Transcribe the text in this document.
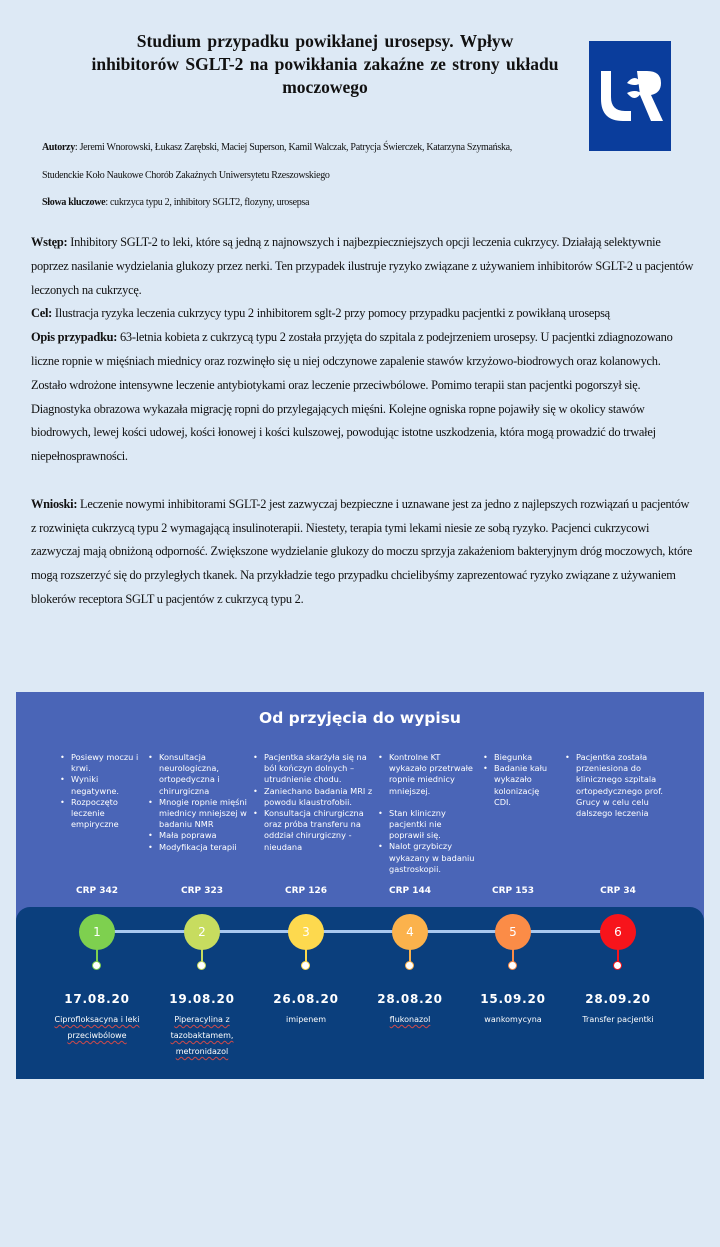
Studium przypadku powikłanej urosepsy. Wpływ inhibitorów SGLT-2 na powikłania zakaźne ze strony układu moczowego
Autorzy: Jeremi Wnorowski, Łukasz Zarębski, Maciej Superson, Kamil Walczak, Patrycja Świerczek, Katarzyna Szymańska,
Studenckie Koło Naukowe Chorób Zakaźnych Uniwersytetu Rzeszowskiego
Słowa kluczowe: cukrzyca typu 2, inhibitory SGLT2, flozyny, urosepsa

Wstęp: Inhibitory SGLT-2 to leki, które są jedną z najnowszych i najbezpieczniejszych opcji leczenia cukrzycy. Działają selektywnie poprzez nasilanie wydzielania glukozy przez nerki. Ten przypadek ilustruje ryzyko związane z używaniem inhibitorów SGLT-2 u pacjentów leczonych na cukrzycę.

Cel: Ilustracja ryzyka leczenia cukrzycy typu 2 inhibitorem sglt-2 przy pomocy przypadku pacjentki z powikłaną urosepsą

Opis przypadku: 63-letnia kobieta z cukrzycą typu 2 została przyjęta do szpitala z podejrzeniem urosepsy. U pacjentki zdiagnozowano liczne ropnie w mięśniach miednicy oraz rozwinęło się u niej odczynowe zapalenie stawów krzyżowo-biodrowych oraz kolanowych. Zostało wdrożone intensywne leczenie antybiotykami oraz leczenie przeciwbólowe. Pomimo terapii stan pacjentki pogorszył się. Diagnostyka obrazowa wykazała migrację ropni do przylegających mięśni. Kolejne ogniska ropne pojawiły się w okolicy stawów biodrowych, lewej kości udowej, kości łonowej i kości kulszowej, powodując istotne uszkodzenia, która mogą prowadzić do trwałej niepełnosprawności.

Wnioski: Leczenie nowymi inhibitorami SGLT-2 jest zazwyczaj bezpieczne i uznawane jest za jedno z najlepszych rozwiązań u pacjentów z rozwinięta cukrzycą typu 2 wymagającą insulinoterapii. Niestety, terapia tymi lekami niesie ze sobą ryzyko. Pacjenci cukrzycowi zazwyczaj mają obniżoną odporność. Zwiększone wydzielanie glukozy do moczu sprzyja zakażeniom bakteryjnym dróg moczowych, które mogą rozszerzyć się do przyległych tkanek. Na przykładzie tego przypadku chcielibyśmy zaprezentować ryzyko związane z używaniem blokerów receptora SGLT u pacjentów z cukrzycą typu 2.

Od przyjęcia do wypisu
• Posiewy moczu i krwi.
• Wyniki negatywne.
• Rozpoczęto leczenie empiryczne
CRP 342
1
17.08.20
Ciprofloksacyna i leki przeciwbólowe
• Konsultacja neurologiczna, ortopedyczna i chirurgiczna
• Mnogie ropnie mięśni miednicy mniejszej w badaniu NMR
• Mała poprawa
• Modyfikacja terapii
CRP 323
2
19.08.20
Piperacylina z tazobaktamem, metronidazol
• Pacjentka skarżyła się na ból kończyn dolnych – utrudnienie chodu.
• Zaniechano badania MRI z powodu klaustrofobii.
• Konsultacja chirurgiczna oraz próba transferu na oddział chirurgiczny - nieudana
CRP 126
3
26.08.20
imipenem
• Kontrolne KT wykazało przetrwałe ropnie miednicy mniejszej.
• Stan kliniczny pacjentki nie poprawił się.
• Nalot grzybiczy wykazany w badaniu gastroskopii.
CRP 144
4
28.08.20
flukonazol
• Biegunka
• Badanie kału wykazało kolonizację CDI.
CRP 153
5
15.09.20
wankomycyna
• Pacjentka została przeniesiona do klinicznego szpitala ortopedycznego prof. Grucy w celu celu dalszego leczenia
CRP 34
6
28.09.20
Transfer pacjentki
